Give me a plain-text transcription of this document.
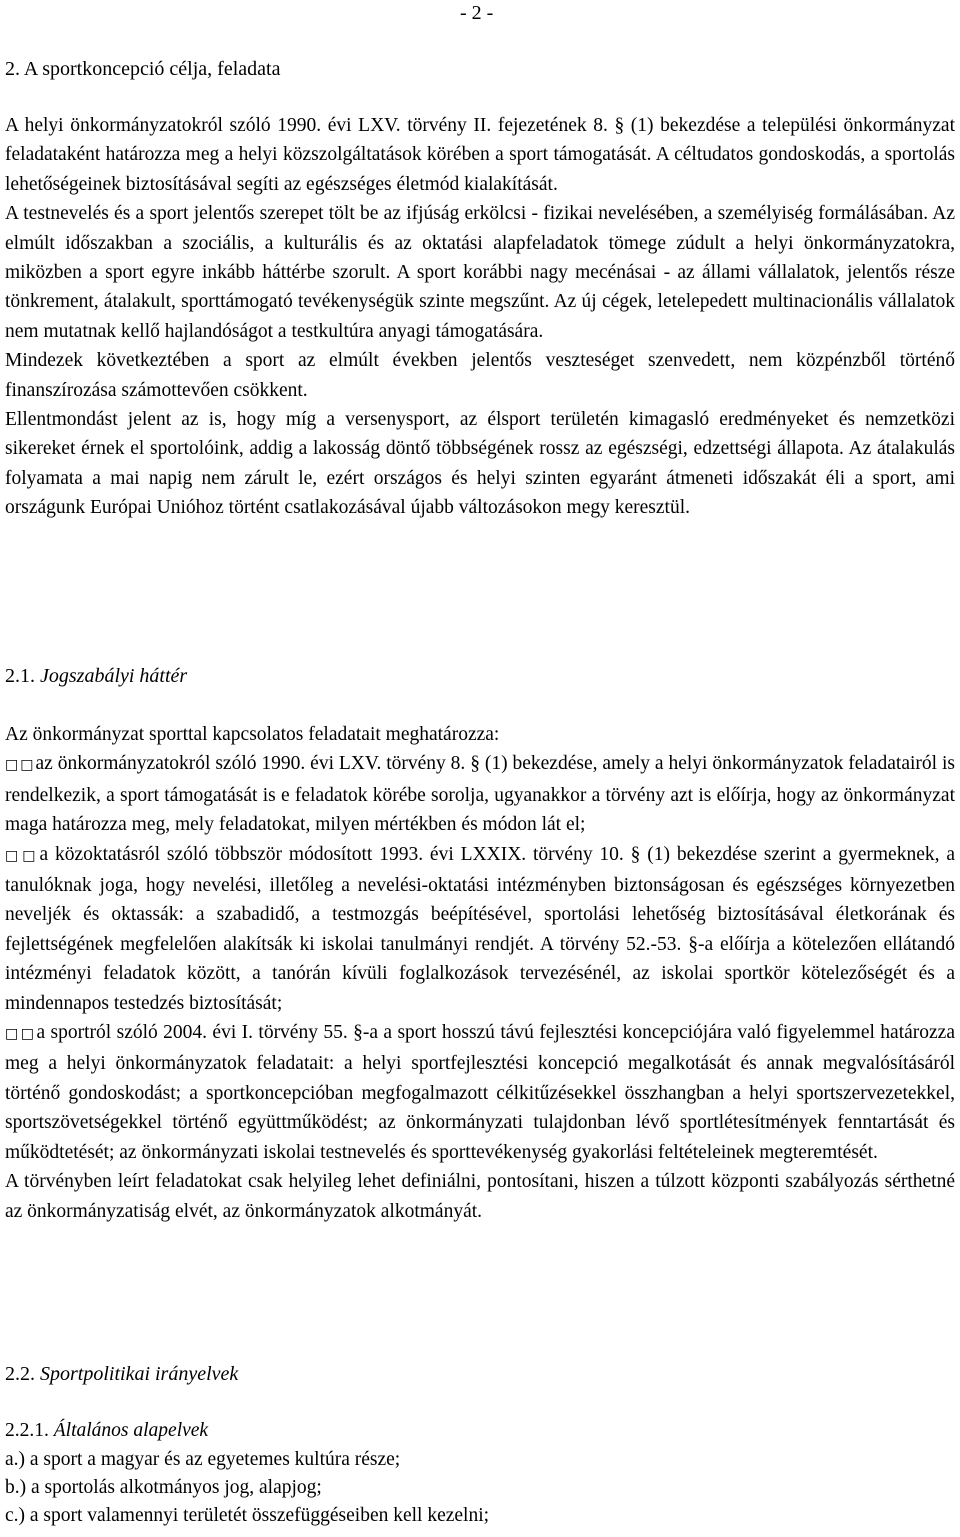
- 2 -
2. A sportkoncepció célja, feladata

A helyi önkormányzatokról szóló 1990. évi LXV. törvény II. fejezetének 8. § (1) bekezdése a települési önkormányzat feladataként határozza meg a helyi közszolgáltatások körében a sport támogatását. A céltudatos gondoskodás, a sportolás lehetőségeinek biztosításával segíti az egészséges életmód kialakítását.

A testnevelés és a sport jelentős szerepet tölt be az ifjúság erkölcsi - fizikai nevelésében, a személyiség formálásában. Az elmúlt időszakban a szociális, a kulturális és az oktatási alapfeladatok tömege zúdult a helyi önkormányzatokra, miközben a sport egyre inkább háttérbe szorult. A sport korábbi nagy mecénásai - az állami vállalatok, jelentős része tönkrement, átalakult, sporttámogató tevékenységük szinte megszűnt. Az új cégek, letelepedett multinacionális vállalatok nem mutatnak kellő hajlandóságot a testkultúra anyagi támogatására.

Mindezek következtében a sport az elmúlt években jelentős veszteséget szenvedett, nem közpénzből történő finanszírozása számottevően csökkent.

Ellentmondást jelent az is, hogy míg a versenysport, az élsport területén kimagasló eredményeket és nemzetközi sikereket érnek el sportolóink, addig a lakosság döntő többségének rossz az egészségi, edzettségi állapota. Az átalakulás folyamata a mai napig nem zárult le, ezért országos és helyi szinten egyaránt átmeneti időszakát éli a sport, ami országunk Európai Unióhoz történt csatlakozásával újabb változásokon megy keresztül.

2.1. Jogszabályi háttér

Az önkormányzat sporttal kapcsolatos feladatait meghatározza:

□□az önkormányzatokról szóló 1990. évi LXV. törvény 8. § (1) bekezdése, amely a helyi önkormányzatok feladatairól is rendelkezik, a sport támogatását is e feladatok körébe sorolja, ugyanakkor a törvény azt is előírja, hogy az önkormányzat maga határozza meg, mely feladatokat, milyen mértékben és módon lát el;

□□a közoktatásról szóló többször módosított 1993. évi LXXIX. törvény 10. § (1) bekezdése szerint a gyermeknek, a tanulóknak joga, hogy nevelési, illetőleg a nevelési-oktatási intézményben biztonságosan és egészséges környezetben neveljék és oktassák: a szabadidő, a testmozgás beépítésével, sportolási lehetőség biztosításával életkorának és fejlettségének megfelelően alakítsák ki iskolai tanulmányi rendjét. A törvény 52.-53. §-a előírja a kötelezően ellátandó intézményi feladatok között, a tanórán kívüli foglalkozások tervezésénél, az iskolai sportkör kötelezőségét és a mindennapos testedzés biztosítását;

□□a sportról szóló 2004. évi I. törvény 55. §-a a sport hosszú távú fejlesztési koncepciójára való figyelemmel határozza meg a helyi önkormányzatok feladatait: a helyi sportfejlesztési koncepció megalkotását és annak megvalósításáról történő gondoskodást; a sportkoncepcióban megfogalmazott célkitűzésekkel összhangban a helyi sportszervezetekkel, sportszövetségekkel történő együttműködést; az önkormányzati tulajdonban lévő sportlétesítmények fenntartását és működtetését; az önkormányzati iskolai testnevelés és sporttevékenység gyakorlási feltételeinek megteremtését.

A törvényben leírt feladatokat csak helyileg lehet definiálni, pontosítani, hiszen a túlzott központi szabályozás sérthetné az önkormányzatiság elvét, az önkormányzatok alkotmányát.

2.2. Sportpolitikai irányelvek
2.2.1. Általános alapelvek

a.) a sport a magyar és az egyetemes kultúra része;

b.) a sportolás alkotmányos jog, alapjog;

c.) a sport valamennyi területét összefüggéseiben kell kezelni;
